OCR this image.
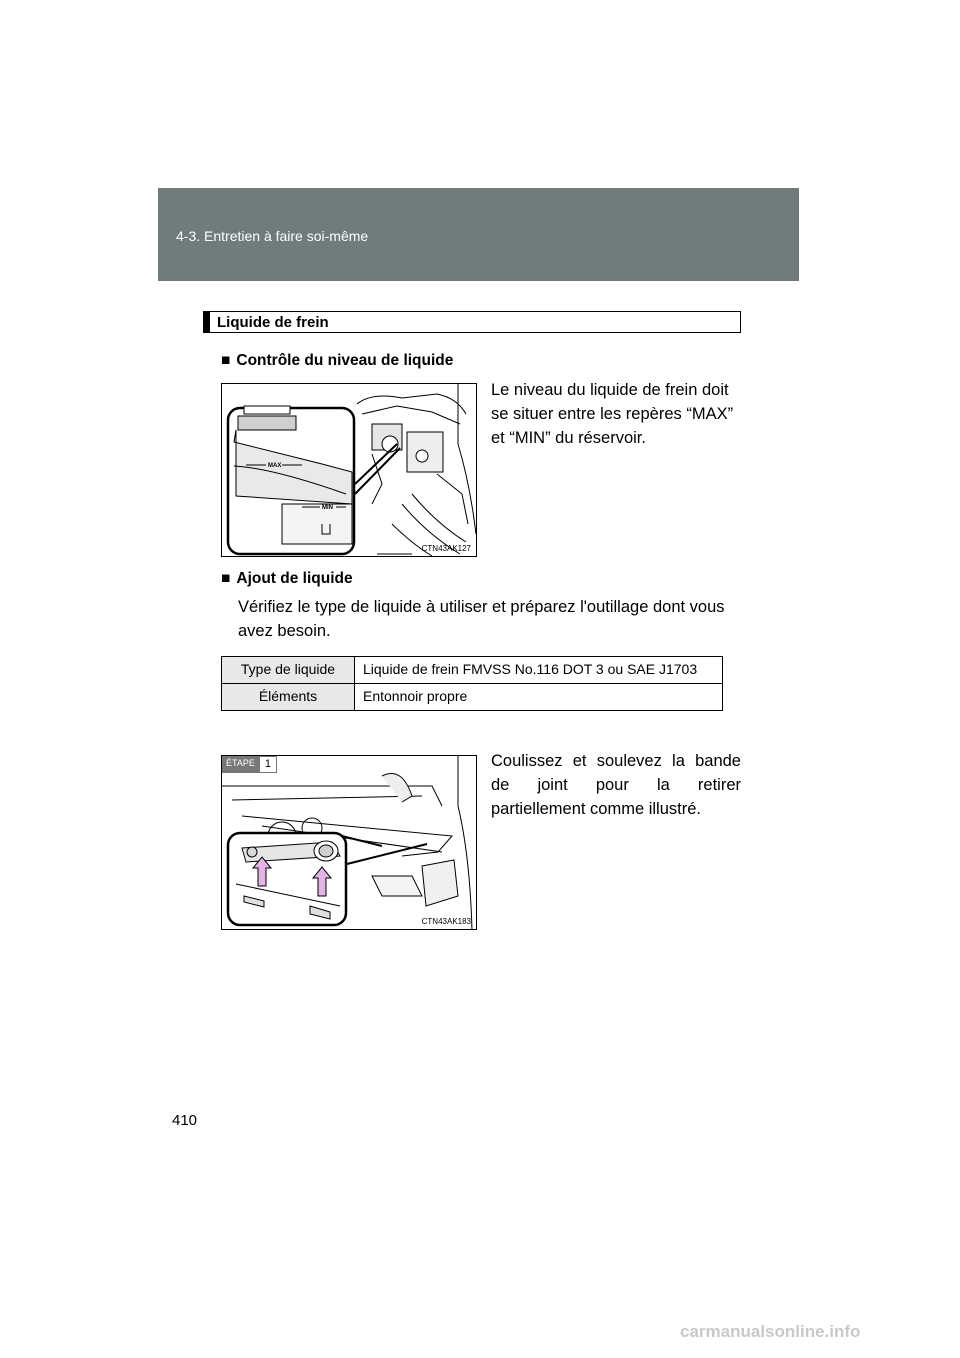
4-3. Entretien à faire soi-même
Liquide de frein
■ Contrôle du niveau de liquide
MAX
MIN
CTN43AK127
Le niveau du liquide de frein doit
se situer entre les repères “MAX”
et “MIN” du réservoir.
■ Ajout de liquide
Vérifiez le type de liquide à utiliser et préparez l'outillage dont vous avez besoin.
Type de liquide	Liquide de frein FMVSS No.116 DOT 3 ou SAE J1703
Éléments	Entonnoir propre
ÉTAPE 1
CTN43AK183
Coulissez et soulevez la bande de joint pour la retirer partiellement comme illustré.
410
carmanualsonline.info
